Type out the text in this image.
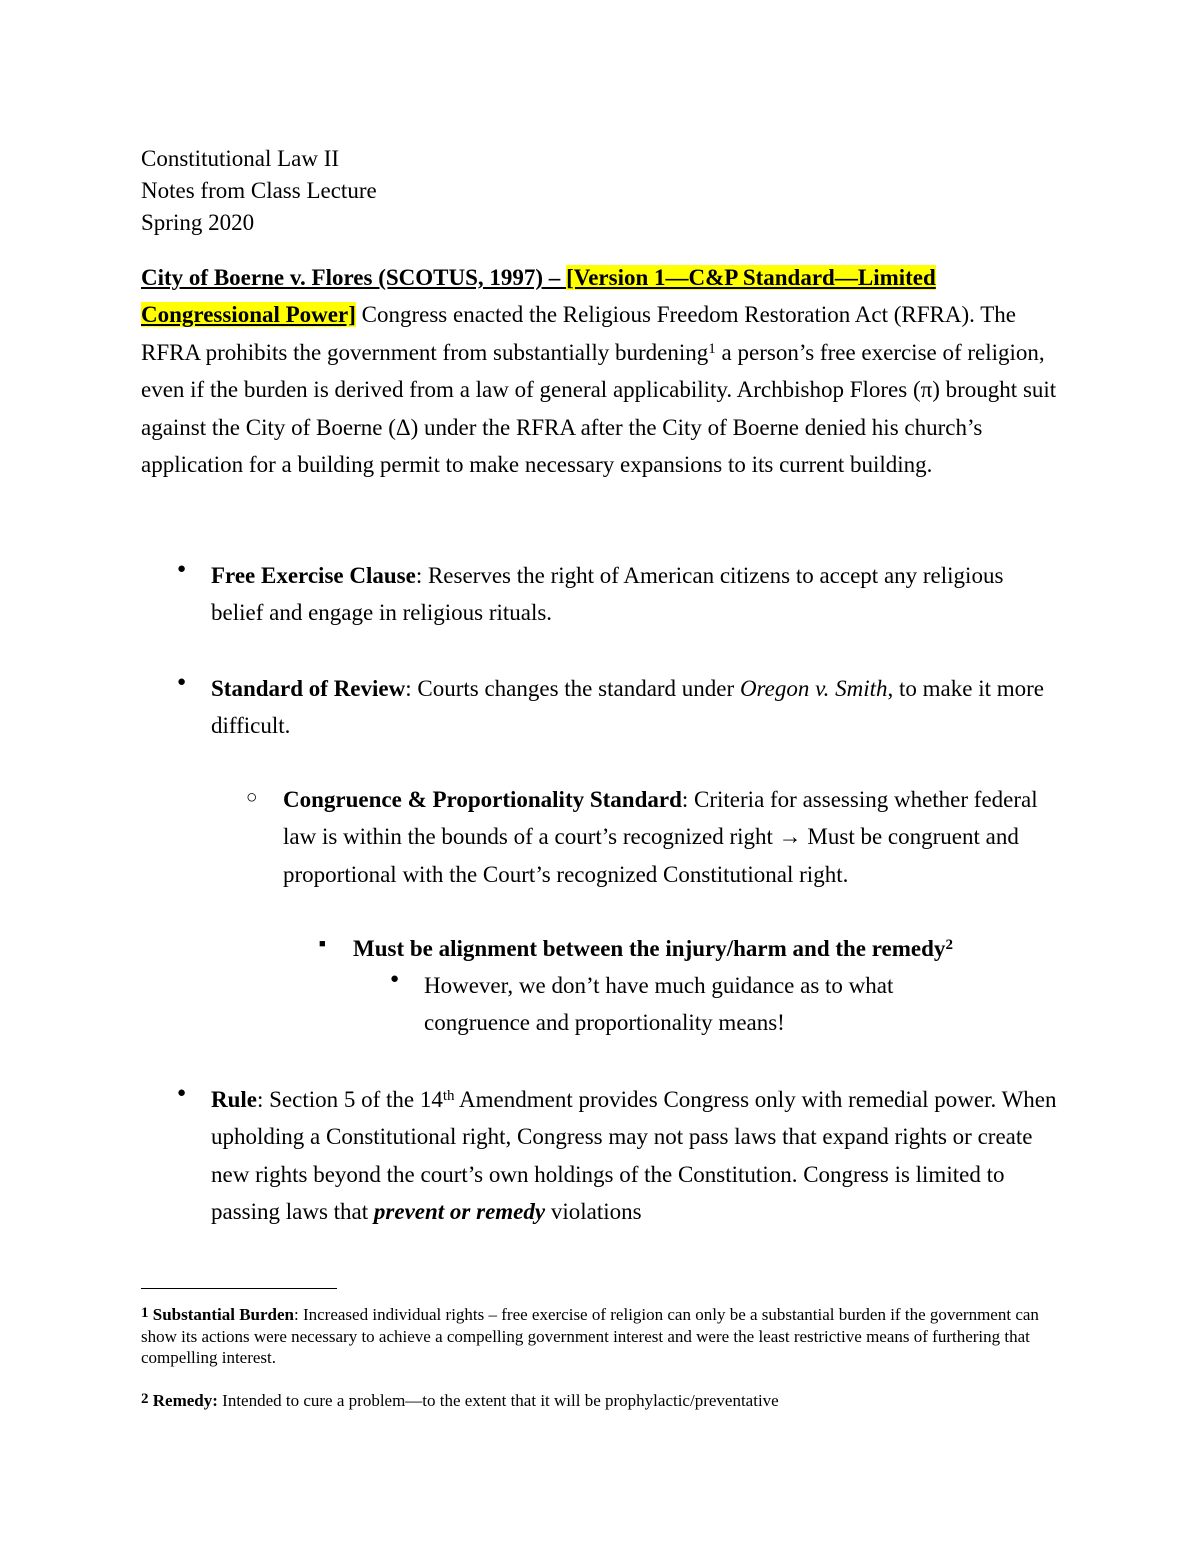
Constitutional Law II
Notes from Class Lecture
Spring 2020

City of Boerne v. Flores (SCOTUS, 1997) – [Version 1—C&P Standard—Limited Congressional Power] Congress enacted the Religious Freedom Restoration Act (RFRA). The RFRA prohibits the government from substantially burdening$^1$ a person’s free exercise of religion, even if the burden is derived from a law of general applicability. Archbishop Flores (π) brought suit against the City of Boerne (Δ) under the RFRA after the City of Boerne denied his church’s application for a building permit to make necessary expansions to its current building.

● Free Exercise Clause: Reserves the right of American citizens to accept any religious belief and engage in religious rituals.
● Standard of Review: Courts changes the standard under Oregon v. Smith, to make it more difficult.
○ Congruence & Proportionality Standard: Criteria for assessing whether federal law is within the bounds of a court’s recognized right → Must be congruent and proportional with the Court’s recognized Constitutional right.
■ Must be alignment between the injury/harm and the remedy$^2$
● However, we don’t have much guidance as to what congruence and proportionality means!
● Rule: Section 5 of the 14th Amendment provides Congress only with remedial power. When upholding a Constitutional right, Congress may not pass laws that expand rights or create new rights beyond the court’s own holdings of the Constitution. Congress is limited to passing laws that prevent or remedy violations
1 Substantial Burden: Increased individual rights – free exercise of religion can only be a substantial burden if the government can show its actions were necessary to achieve a compelling government interest and were the least restrictive means of furthering that compelling interest.
2 Remedy: Intended to cure a problem—to the extent that it will be prophylactic/preventative
